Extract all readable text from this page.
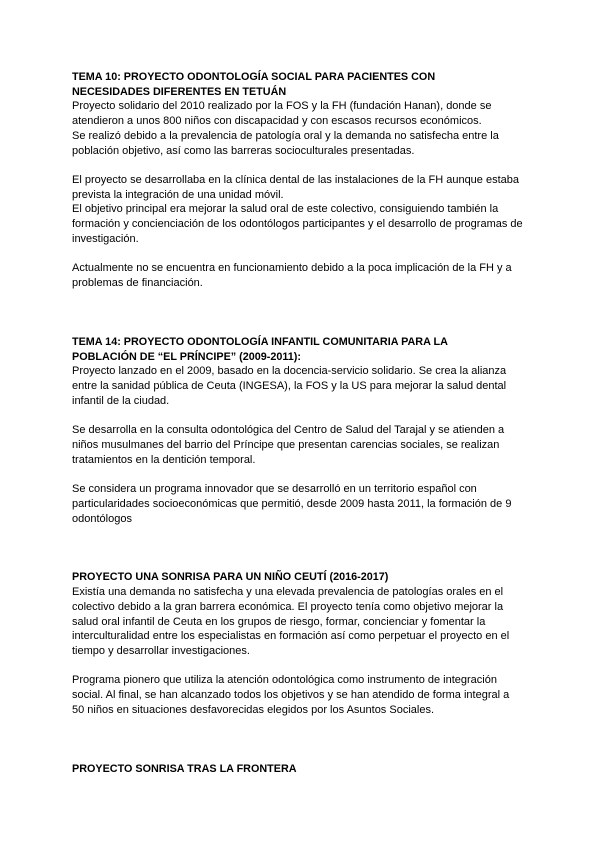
TEMA 10: PROYECTO ODONTOLOGÍA SOCIAL PARA PACIENTES CON
NECESIDADES DIFERENTES EN TETUÁN

Proyecto solidario del 2010 realizado por la FOS y la FH (fundación Hanan), donde se
atendieron a unos 800 niños con discapacidad y con escasos recursos económicos.

Se realizó debido a la prevalencia de patología oral y la demanda no satisfecha entre la
población objetivo, así como las barreras socioculturales presentadas.

El proyecto se desarrollaba en la clínica dental de las instalaciones de la FH aunque estaba
prevista la integración de una unidad móvil.

El objetivo principal era mejorar la salud oral de este colectivo, consiguiendo también la
formación y concienciación de los odontólogos participantes y el desarrollo de programas de
investigación.

Actualmente no se encuentra en funcionamiento debido a la poca implicación de la FH y a
problemas de financiación.

TEMA 14: PROYECTO ODONTOLOGÍA INFANTIL COMUNITARIA PARA LA
POBLACIÓN DE “EL PRÍNCIPE” (2009-2011):

Proyecto lanzado en el 2009, basado en la docencia-servicio solidario. Se crea la alianza
entre la sanidad pública de Ceuta (INGESA), la FOS y la US para mejorar la salud dental
infantil de la ciudad.

Se desarrolla en la consulta odontológica del Centro de Salud del Tarajal y se atienden a
niños musulmanes del barrio del Príncipe que presentan carencias sociales, se realizan
tratamientos en la dentición temporal.

Se considera un programa innovador que se desarrolló en un territorio español con
particularidades socioeconómicas que permitió, desde 2009 hasta 2011, la formación de 9
odontólogos

PROYECTO UNA SONRISA PARA UN NIÑO CEUTÍ (2016-2017)

Existía una demanda no satisfecha y una elevada prevalencia de patologías orales en el
colectivo debido a la gran barrera económica. El proyecto tenía como objetivo mejorar la
salud oral infantil de Ceuta en los grupos de riesgo, formar, concienciar y fomentar la
interculturalidad entre los especialistas en formación así como perpetuar el proyecto en el
tiempo y desarrollar investigaciones.

Programa pionero que utiliza la atención odontológica como instrumento de integración
social. Al final, se han alcanzado todos los objetivos y se han atendido de forma integral a
50 niños en situaciones desfavorecidas elegidos por los Asuntos Sociales.

PROYECTO SONRISA TRAS LA FRONTERA
